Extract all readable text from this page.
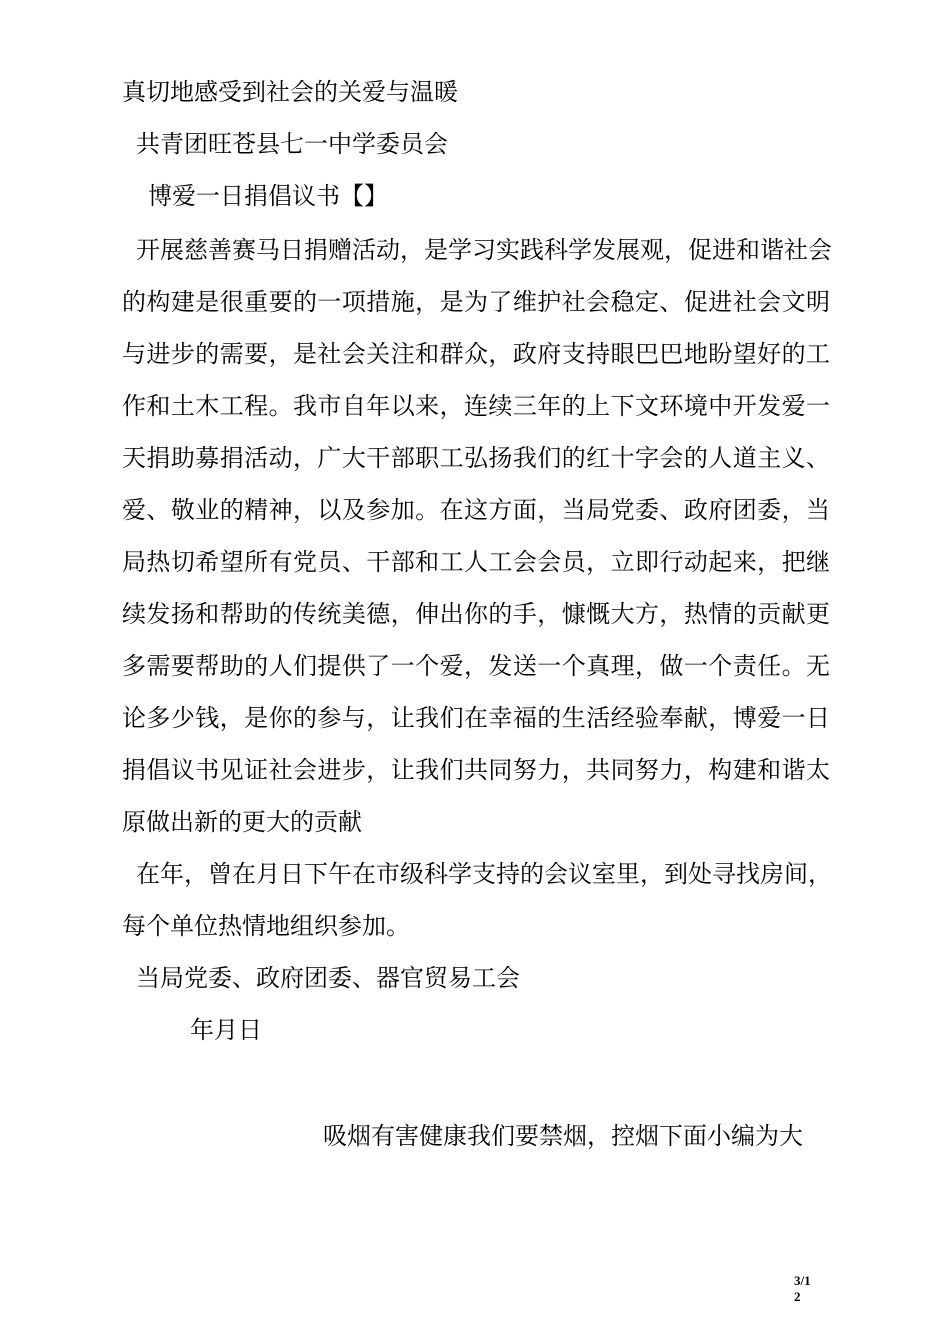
真切地感受到社会的关爱与温暖
共青团旺苍县七一中学委员会
博爱一日捐倡议书【】
开展慈善赛马日捐赠活动，是学习实践科学发展观，促进和谐社会
的构建是很重要的一项措施，是为了维护社会稳定、促进社会文明
与进步的需要，是社会关注和群众，政府支持眼巴巴地盼望好的工
作和土木工程。我市自年以来，连续三年的上下文环境中开发爱一
天捐助募捐活动，广大干部职工弘扬我们的红十字会的人道主义、
爱、敬业的精神，以及参加。在这方面，当局党委、政府团委，当
局热切希望所有党员、干部和工人工会会员，立即行动起来，把继
续发扬和帮助的传统美德，伸出你的手，慷慨大方，热情的贡献更
多需要帮助的人们提供了一个爱，发送一个真理，做一个责任。无
论多少钱，是你的参与，让我们在幸福的生活经验奉献，博爱一日
捐倡议书见证社会进步，让我们共同努力，共同努力，构建和谐太
原做出新的更大的贡献
在年，曾在月日下午在市级科学支持的会议室里，到处寻找房间，
每个单位热情地组织参加。
当局党委、政府团委、器官贸易工会
年月日
吸烟有害健康我们要禁烟，控烟下面小编为大
3/1
2
